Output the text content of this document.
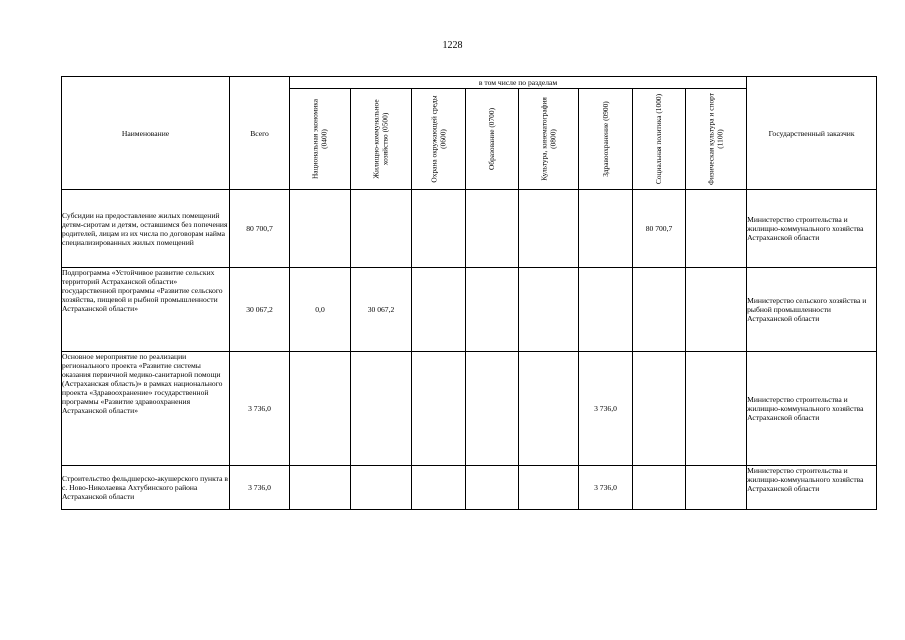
1228
Наименование	Всего	в том числе по разделам								Государственный заказчик

		Национальная экономика (0400)	Жилищно-коммунальное хозяйство (0500)	Охрана окружающей среды (0600)	Образование (0700)	Культура, кинематография (0800)	Здравоохранение (0900)	Социальная политика (1000)	Физическая культура и спорт (1100)	

Субсидии на предоставление жилых помещений детям-сиротам и детям, оставшимся без попечения родителей, лицам из их числа по договорам найма специализированных жилых помещений	80 700,7							80 700,7		Министерство строительства и жилищно-коммунального хозяйства Астраханской области
Подпрограмма «Устойчивое развитие сельских территорий Астраханской области» государственной программы «Развитие сельского хозяйства, пищевой и рыбной промышленности Астраханской области»	30 067,2	0,0	30 067,2							Министерство сельского хозяйства и рыбной промышленности Астраханской области
Основное мероприятие по реализации регионального проекта «Развитие системы оказания первичной медико-санитарной помощи (Астраханская область)» в рамках национального проекта «Здравоохранение» государственной программы «Развитие здравоохранения Астраханской области»	3 736,0						3 736,0			Министерство строительства и жилищно-коммунального хозяйства Астраханской области
Строительство фельдшерско-акушерского пункта в с. Ново-Николаевка Ахтубинского района Астраханской области	3 736,0						3 736,0			Министерство строительства и жилищно-коммунального хозяйства Астраханской области
